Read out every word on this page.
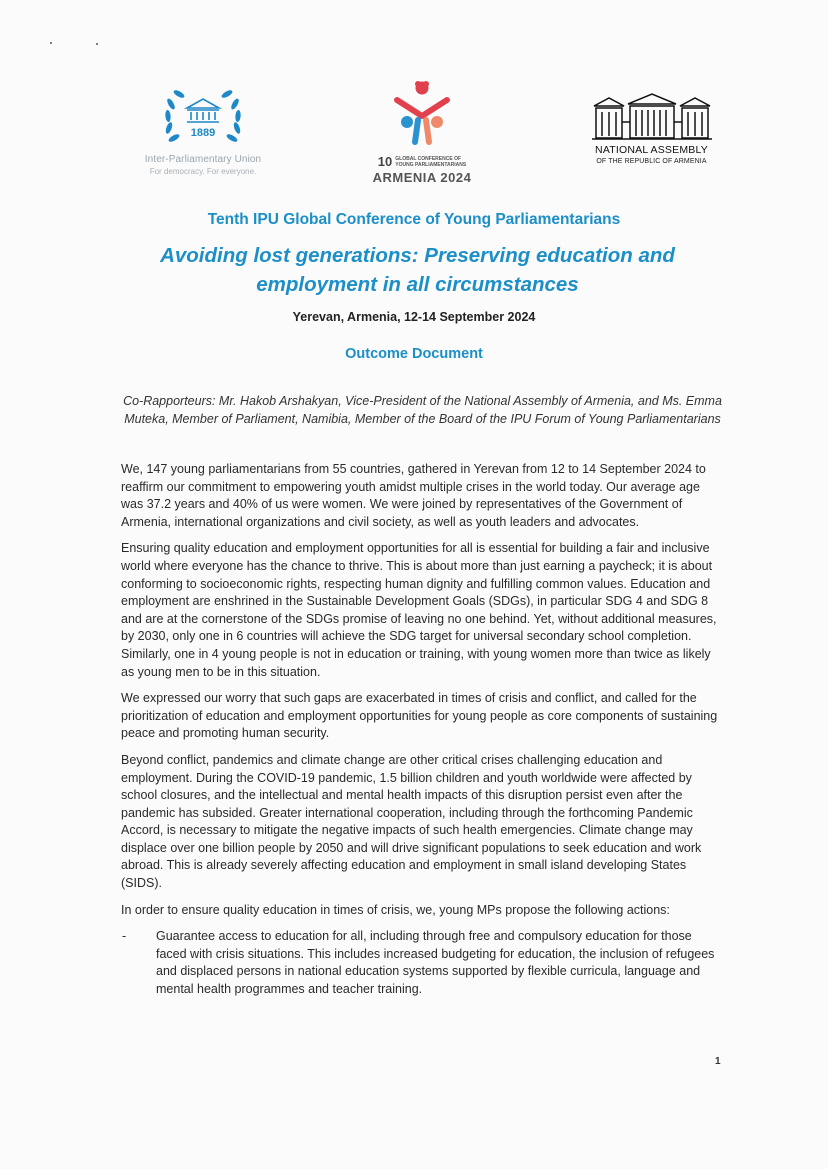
1889
Inter-Parliamentary Union
For democracy. For everyone.
10 GLOBAL CONFERENCE OF
YOUNG PARLIAMENTARIANS
ARMENIA 2024
NATIONAL ASSEMBLY
OF THE REPUBLIC OF ARMENIA
Tenth IPU Global Conference of Young Parliamentarians
Avoiding lost generations: Preserving education and employment in all circumstances
Yerevan, Armenia, 12-14 September 2024
Outcome Document
Co-Rapporteurs: Mr. Hakob Arshakyan, Vice-President of the National Assembly of Armenia, and Ms. Emma Muteka, Member of Parliament, Namibia, Member of the Board of the IPU Forum of Young Parliamentarians

We, 147 young parliamentarians from 55 countries, gathered in Yerevan from 12 to 14 September 2024 to reaffirm our commitment to empowering youth amidst multiple crises in the world today. Our average age was 37.2 years and 40% of us were women. We were joined by representatives of the Government of Armenia, international organizations and civil society, as well as youth leaders and advocates.

Ensuring quality education and employment opportunities for all is essential for building a fair and inclusive world where everyone has the chance to thrive. This is about more than just earning a paycheck; it is about conforming to socioeconomic rights, respecting human dignity and fulfilling common values. Education and employment are enshrined in the Sustainable Development Goals (SDGs), in particular SDG 4 and SDG 8 and are at the cornerstone of the SDGs promise of leaving no one behind. Yet, without additional measures, by 2030, only one in 6 countries will achieve the SDG target for universal secondary school completion. Similarly, one in 4 young people is not in education or training, with young women more than twice as likely as young men to be in this situation.

We expressed our worry that such gaps are exacerbated in times of crisis and conflict, and called for the prioritization of education and employment opportunities for young people as core components of sustaining peace and promoting human security.

Beyond conflict, pandemics and climate change are other critical crises challenging education and employment. During the COVID-19 pandemic, 1.5 billion children and youth worldwide were affected by school closures, and the intellectual and mental health impacts of this disruption persist even after the pandemic has subsided. Greater international cooperation, including through the forthcoming Pandemic Accord, is necessary to mitigate the negative impacts of such health emergencies. Climate change may displace over one billion people by 2050 and will drive significant populations to seek education and work abroad. This is already severely affecting education and employment in small island developing States (SIDS).

In order to ensure quality education in times of crisis, we, young MPs propose the following actions:

- Guarantee access to education for all, including through free and compulsory education for those faced with crisis situations. This includes increased budgeting for education, the inclusion of refugees and displaced persons in national education systems supported by flexible curricula, language and mental health programmes and teacher training.
1
